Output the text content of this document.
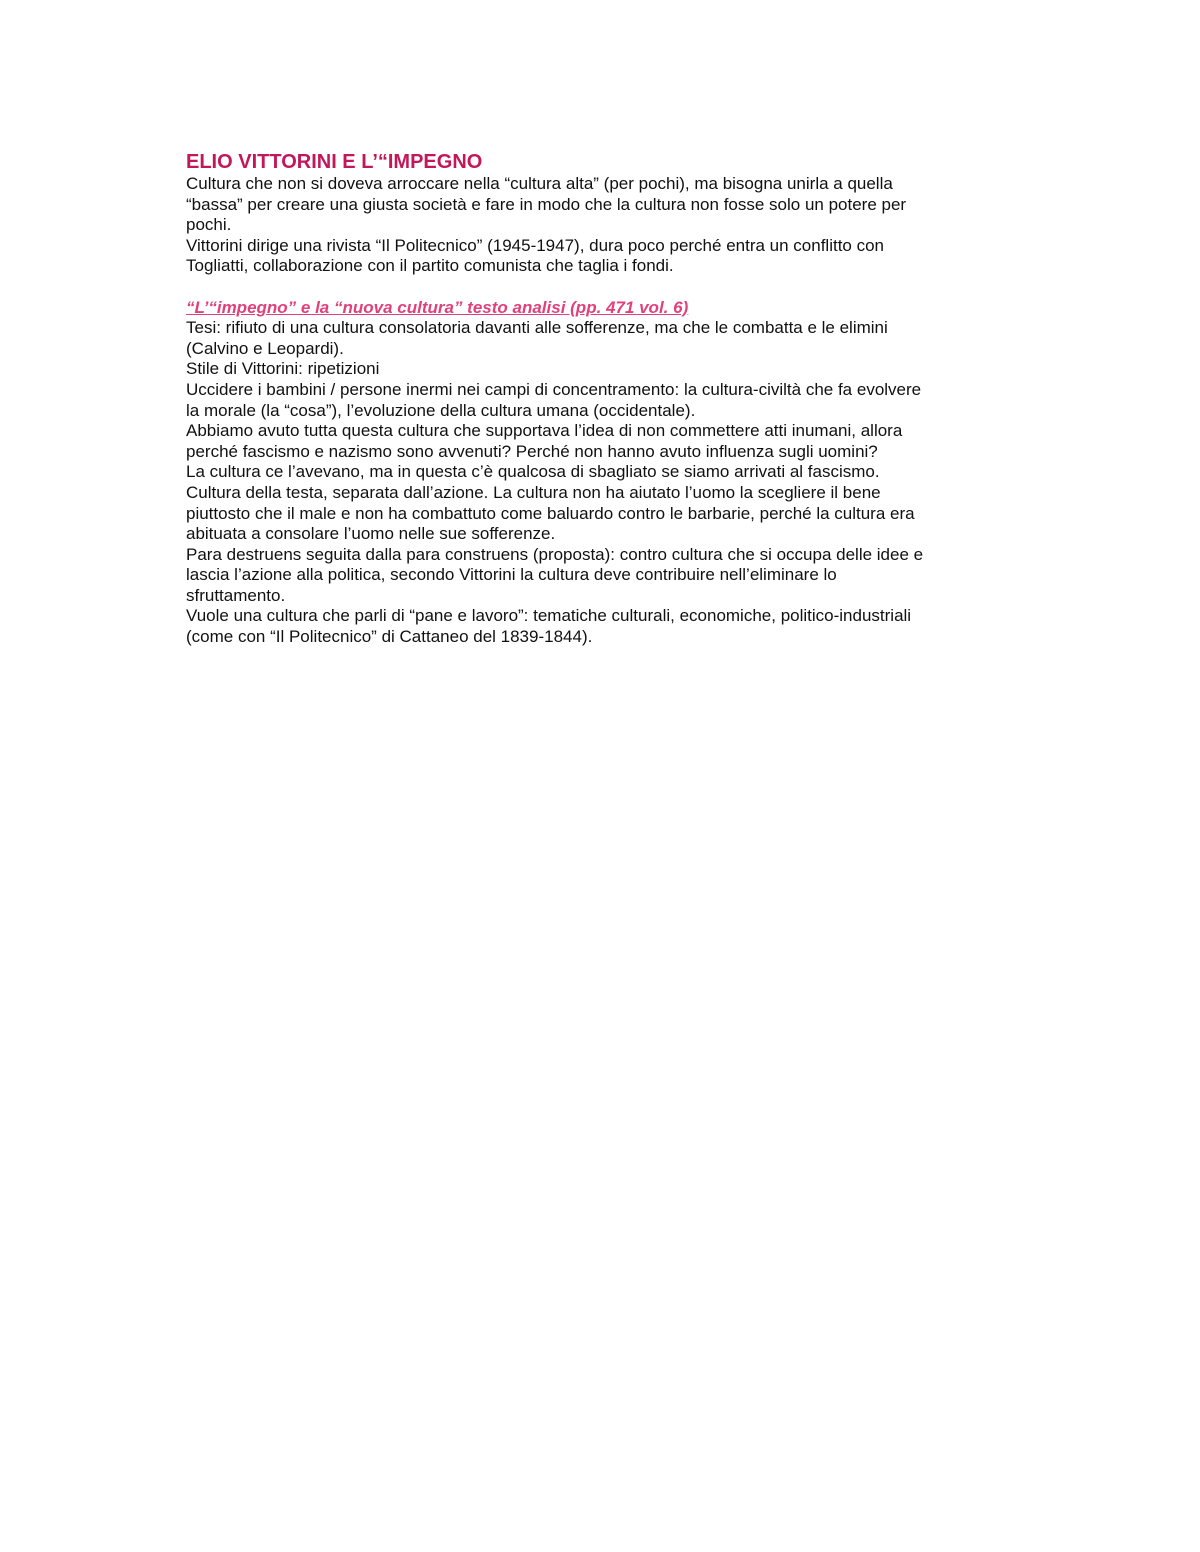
ELIO VITTORINI E L’“IMPEGNO

Cultura che non si doveva arroccare nella “cultura alta” (per pochi), ma bisogna unirla a quella

“bassa” per creare una giusta società e fare in modo che la cultura non fosse solo un potere per

pochi.

Vittorini dirige una rivista “Il Politecnico” (1945-1947), dura poco perché entra un conflitto con

Togliatti, collaborazione con il partito comunista che taglia i fondi.

“L’“impegno” e la “nuova cultura” testo analisi (pp. 471 vol. 6)

Tesi: rifiuto di una cultura consolatoria davanti alle sofferenze, ma che le combatta e le elimini

(Calvino e Leopardi).

Stile di Vittorini: ripetizioni

Uccidere i bambini / persone inermi nei campi di concentramento: la cultura-civiltà che fa evolvere

la morale (la “cosa”), l’evoluzione della cultura umana (occidentale).

Abbiamo avuto tutta questa cultura che supportava l’idea di non commettere atti inumani, allora

perché fascismo e nazismo sono avvenuti? Perché non hanno avuto influenza sugli uomini?

La cultura ce l’avevano, ma in questa c’è qualcosa di sbagliato se siamo arrivati al fascismo.

Cultura della testa, separata dall’azione. La cultura non ha aiutato l’uomo la scegliere il bene

piuttosto che il male e non ha combattuto come baluardo contro le barbarie, perché la cultura era

abituata a consolare l’uomo nelle sue sofferenze.

Para destruens seguita dalla para construens (proposta): contro cultura che si occupa delle idee e

lascia l’azione alla politica, secondo Vittorini la cultura deve contribuire nell’eliminare lo

sfruttamento.

Vuole una cultura che parli di “pane e lavoro”: tematiche culturali, economiche, politico-industriali

(come con “Il Politecnico” di Cattaneo del 1839-1844).
